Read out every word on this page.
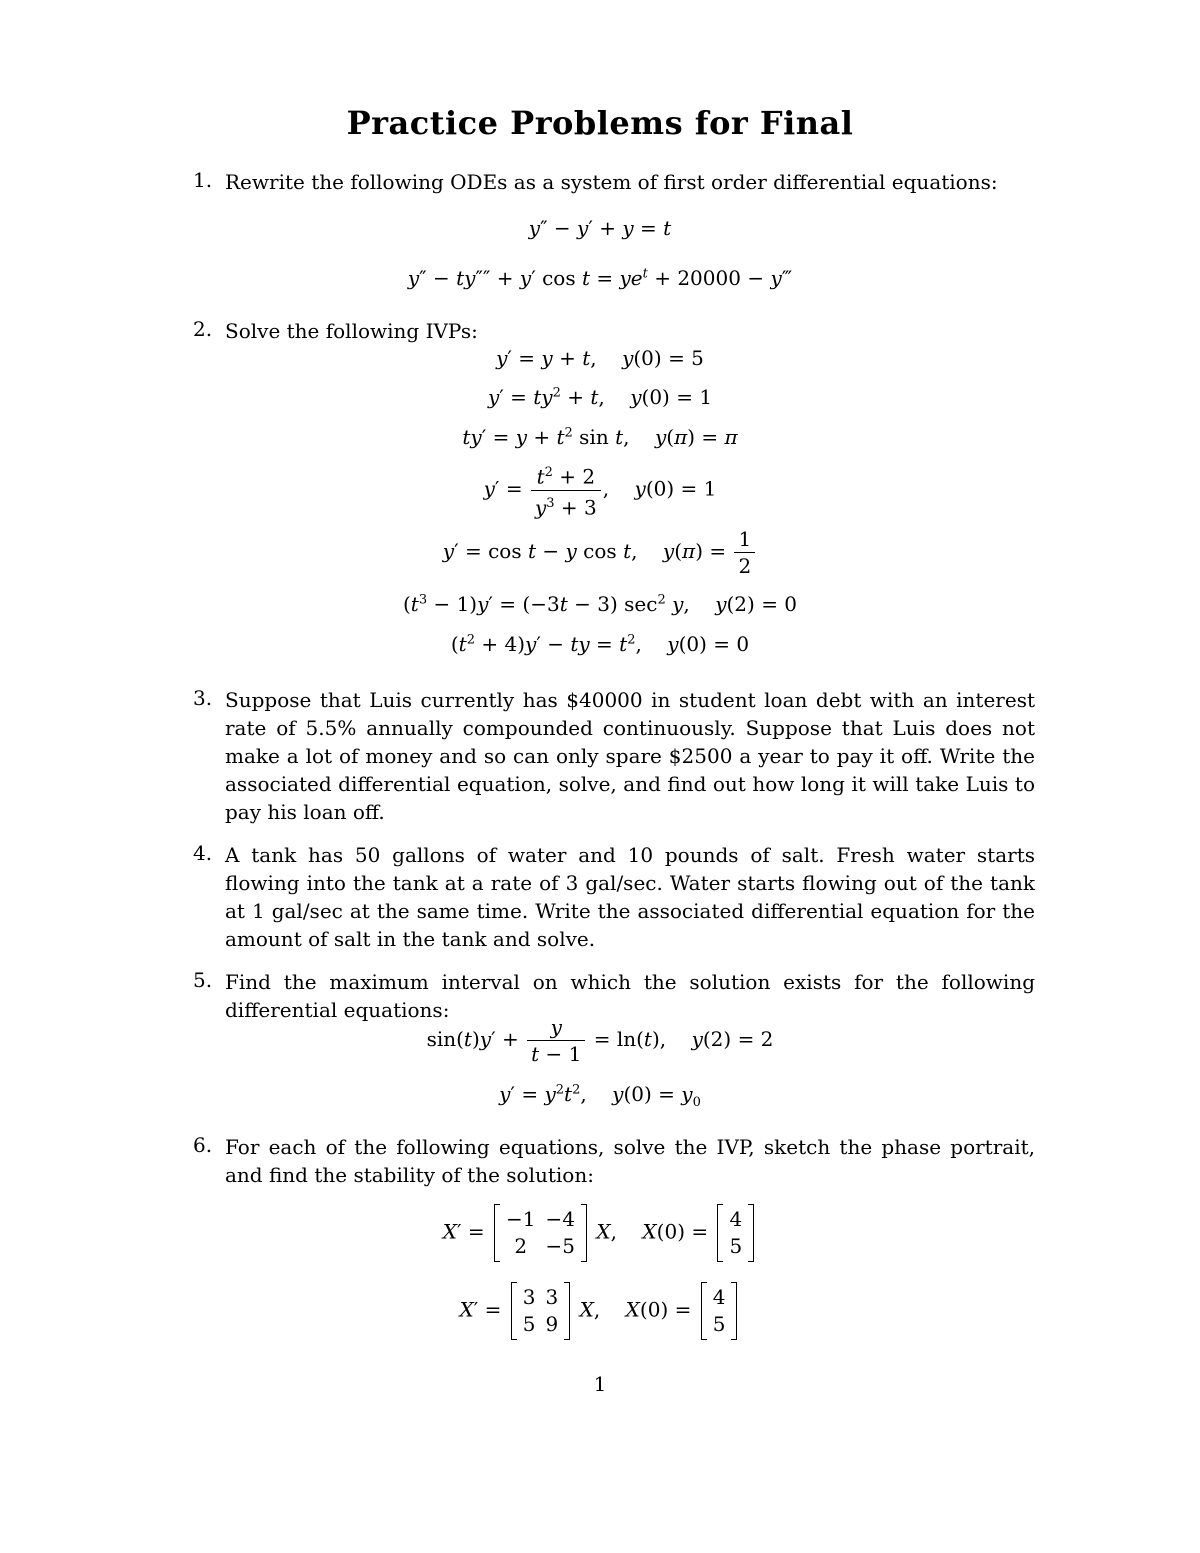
Practice Problems for Final
1. Rewrite the following ODEs as a system of first order differential equations:
y″ − y′ + y = t
y″ − ty″″ + y′ $\cos t = ye^t + 20000$ − y‴
2. Solve the following IVPs:
y′ = y + t,    y(0) = 5
$y' = ty^2 + t$,    y(0) = 1
$ty' = y + t^2$ sin t,    y(π) = π
$y' = \frac{t^2 + 2}{y^3 + 3}$ ,    y(0) = 1
y′ = cos t − y cos t,    $y(\pi) = \frac{1}{2}$
$(t^3 - 1)y' = (-3t - 3)$ $\sec^2 y$,    y(2) = 0
$(t^2 + 4)y'$ − ty = $t^2$,    y(0) = 0
3. Suppose that Luis currently has $40000 in student loan debt with an interest rate of 5.5% annually compounded continuously. Suppose that Luis does not make a lot of money and so can only spare $2500 a year to pay it off. Write the associated differential equation, solve, and find out how long it will take Luis to pay his loan off.
4. A tank has 50 gallons of water and 10 pounds of salt. Fresh water starts flowing into the tank at a rate of 3 gal/sec. Water starts flowing out of the tank at 1 gal/sec at the same time. Write the associated differential equation for the amount of salt in the tank and solve.
5. Find the maximum interval on which the solution exists for the following differential equations:
$\sin(t)y' + \frac{y}{t - 1} = \ln(t)$,    y(2) = 2
$y' = y^2t^2$,    $y(0) = y_0$
6. For each of the following equations, solve the IVP, sketch the phase portrait, and find the stability of the solution:
X′ =
−1	−4
2	−5
X,    X(0) =
4
5
X′ =
3	3
5	9
X,    X(0) =
4
5
1
